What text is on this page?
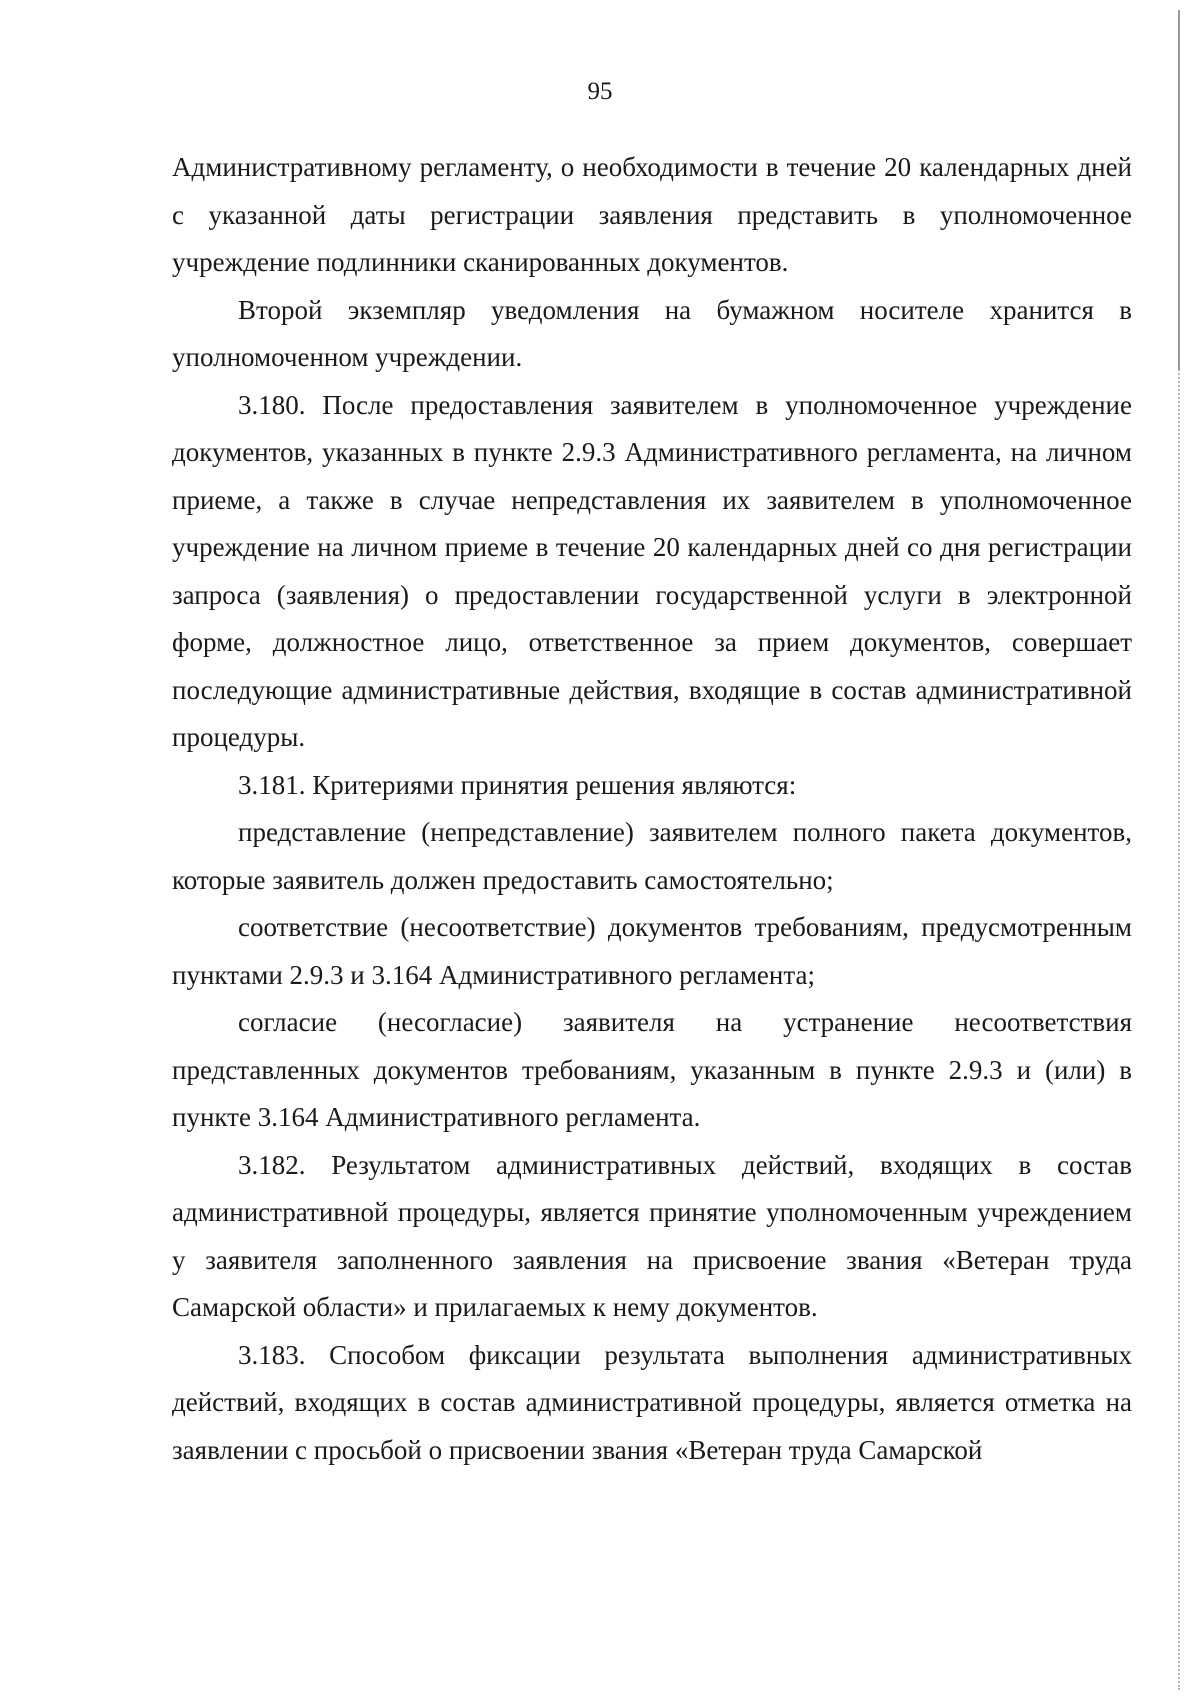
95

Административному регламенту, о необходимости в течение 20 календарных дней с указанной даты регистрации заявления представить в уполномоченное учреждение подлинники сканированных документов.

Второй экземпляр уведомления на бумажном носителе хранится в уполномоченном учреждении.

3.180. После предоставления заявителем в уполномоченное учреждение документов, указанных в пункте 2.9.3 Административного регламента, на личном приеме, а также в случае непредставления их заявителем в уполномоченное учреждение на личном приеме в течение 20 календарных дней со дня регистрации запроса (заявления) о предоставлении государственной услуги в электронной форме, должностное лицо, ответственное за прием документов, совершает последующие административные действия, входящие в состав административной процедуры.

3.181. Критериями принятия решения являются:

представление (непредставление) заявителем полного пакета документов, которые заявитель должен предоставить самостоятельно;

соответствие (несоответствие) документов требованиям, предусмотренным пунктами 2.9.3 и 3.164 Административного регламента;

согласие (несогласие) заявителя на устранение несоответствия представленных документов требованиям, указанным в пункте 2.9.3 и (или) в пункте 3.164 Административного регламента.

3.182. Результатом административных действий, входящих в состав административной процедуры, является принятие уполномоченным учреждением у заявителя заполненного заявления на присвоение звания «Ветеран труда Самарской области» и прилагаемых к нему документов.

3.183. Способом фиксации результата выполнения административных действий, входящих в состав административной процедуры, является отметка на заявлении с просьбой о присвоении звания «Ветеран труда Самарской
